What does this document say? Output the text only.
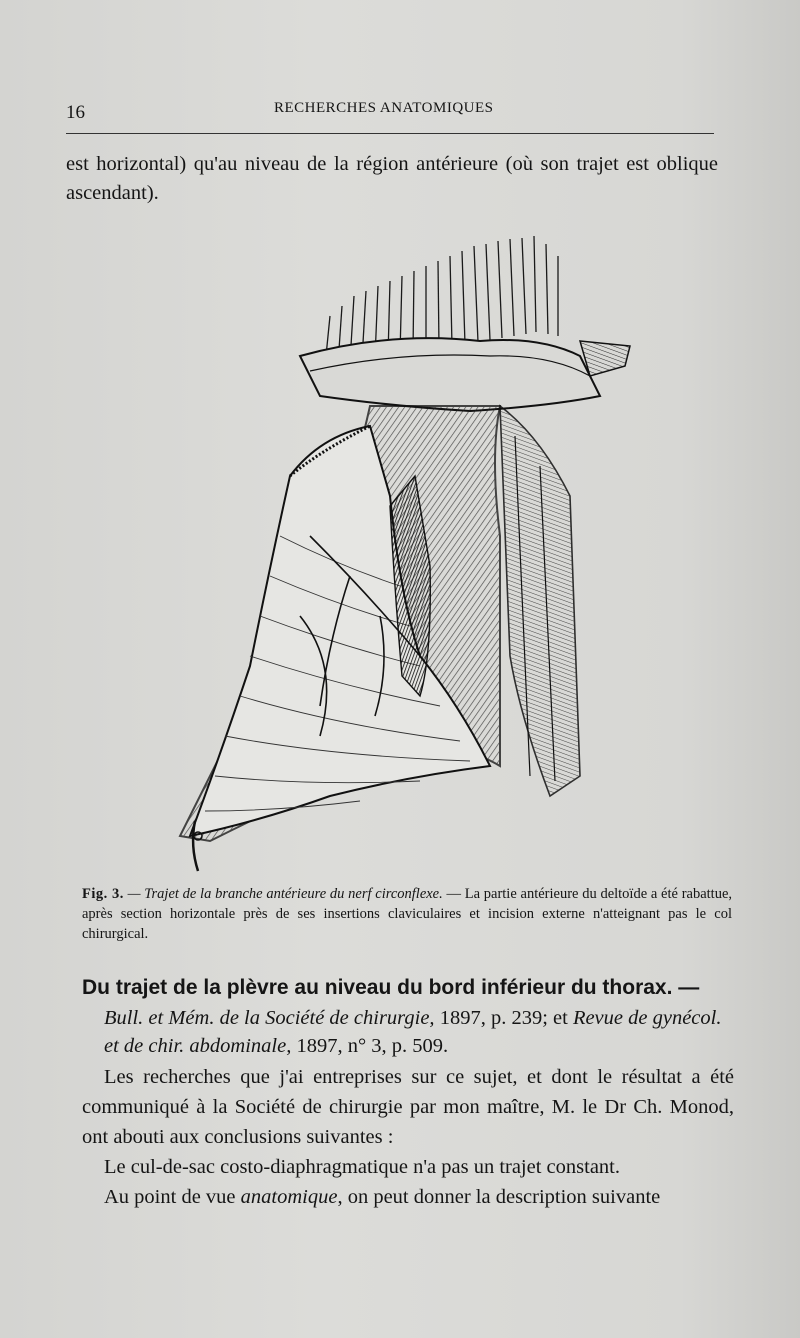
16	RECHERCHES ANATOMIQUES
est horizontal) qu'au niveau de la région antérieure (où son trajet est oblique ascendant).
Fig. 3. — Trajet de la branche antérieure du nerf circonflexe. — La partie antérieure du deltoïde a été rabattue, après section horizontale près de ses insertions claviculaires et incision externe n'atteignant pas le col chirurgical.
Du trajet de la plèvre au niveau du bord inférieur du thorax. —
Bull. et Mém. de la Société de chirurgie, 1897, p. 239; et Revue de gynécol. et de chir. abdominale, 1897, n° 3, p. 509.

Les recherches que j'ai entreprises sur ce sujet, et dont le résultat a été communiqué à la Société de chirurgie par mon maître, M. le Dr Ch. Monod, ont abouti aux conclusions suivantes :

Le cul-de-sac costo-diaphragmatique n'a pas un trajet constant.

Au point de vue anatomique, on peut donner la description suivante
